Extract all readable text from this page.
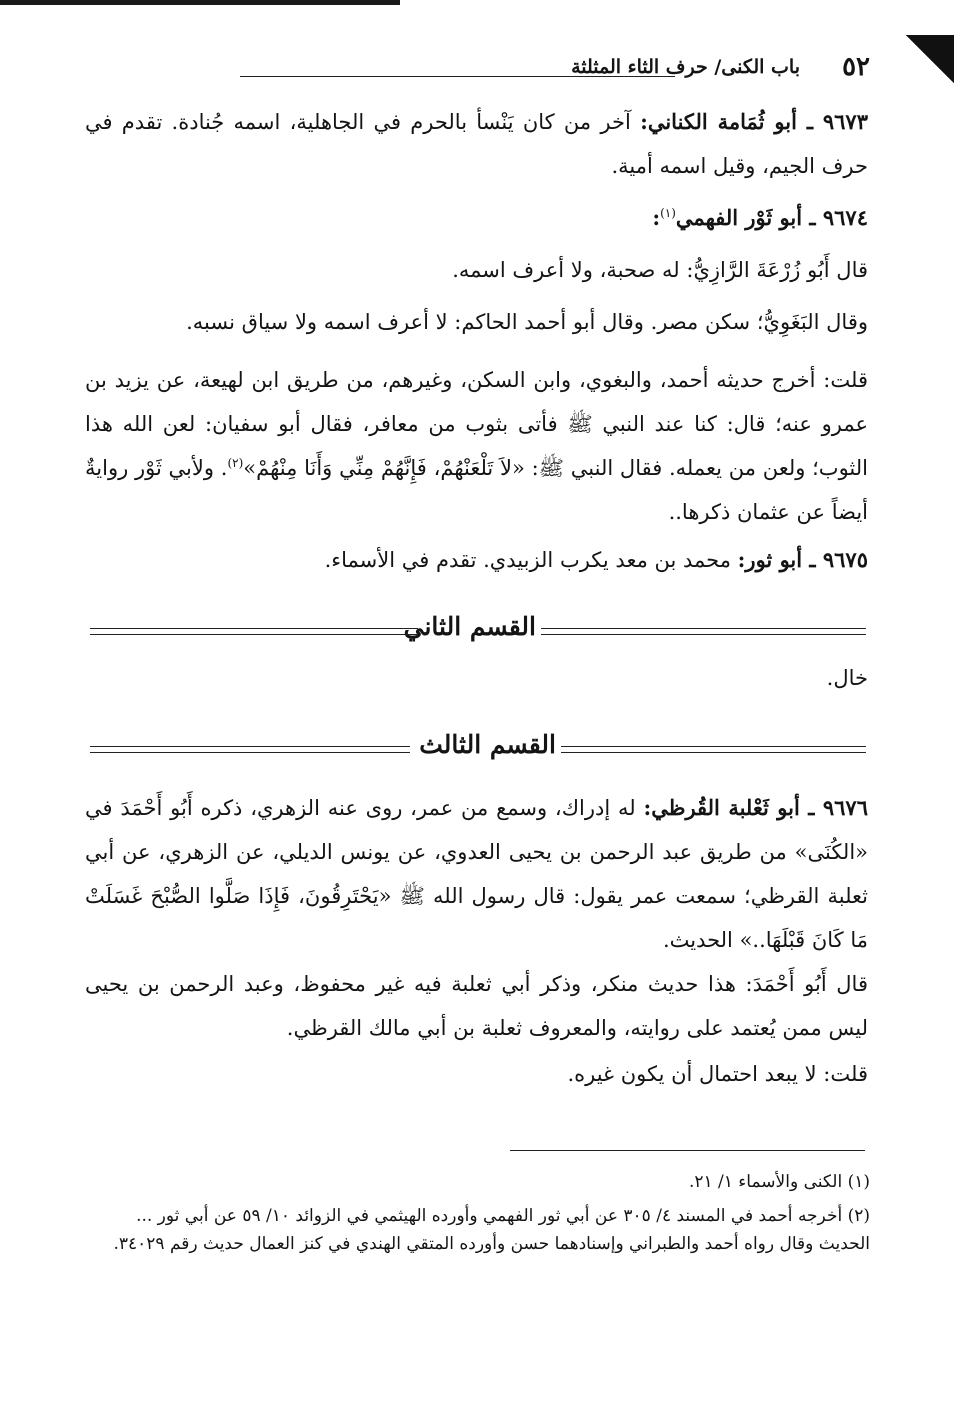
٥٢
باب الكنى/ حرف الثاء المثلثة
٩٦٧٣ ـ أبو ثُمَامة الكناني: آخر من كان يَنْسأ بالحرم في الجاهلية، اسمه جُنادة. تقدم في حرف الجيم، وقيل اسمه أمية.
٩٦٧٤ ـ أبو ثَوْر الفهمي$^{(١)}$:
قال أَبُو زُرْعَةَ الرَّازِيُّ: له صحبة، ولا أعرف اسمه.
وقال البَغَوِيُّ؛ سكن مصر. وقال أبو أحمد الحاكم: لا أعرف اسمه ولا سياق نسبه.
قلت: أخرج حديثه أحمد، والبغوي، وابن السكن، وغيرهم، من طريق ابن لهيعة، عن يزيد بن عمرو عنه؛ قال: كنا عند النبي ﷺ فأتى بثوب من معافر، فقال أبو سفيان: لعن الله هذا الثوب؛ ولعن من يعمله. فقال النبي ﷺ: «لاَ تَلْعَنْهُمْ، فَإِنَّهُمْ مِنِّي وَأَنَا مِنْهُمْ»$^{(٢)}$. ولأبي ثَوْر روايةٌ أيضاً عن عثمان ذكرها..
٩٦٧٥ ـ أبو ثور: محمد بن معد يكرب الزبيدي. تقدم في الأسماء.
القسم الثاني
خال.
القسم الثالث
٩٦٧٦ ـ أبو ثَعْلبة القُرظي: له إدراك، وسمع من عمر، روى عنه الزهري، ذكره أَبُو أَحْمَدَ في «الكُنَى» من طريق عبد الرحمن بن يحيى العدوي، عن يونس الديلي، عن الزهري، عن أبي ثعلبة القرظي؛ سمعت عمر يقول: قال رسول الله ﷺ «يَحْتَرِقُونَ، فَإِذَا صَلَّوا الصُّبْحَ غَسَلَتْ مَا كَانَ قَبْلَهَا..» الحديث.
قال أَبُو أَحْمَدَ: هذا حديث منكر، وذكر أبي ثعلبة فيه غير محفوظ، وعبد الرحمن بن يحيى ليس ممن يُعتمد على روايته، والمعروف ثعلبة بن أبي مالك القرظي.
قلت: لا يبعد احتمال أن يكون غيره.
(١) الكنى والأسماء ١/ ٢١.
(٢) أخرجه أحمد في المسند ٤/ ٣٠٥ عن أبي ثور الفهمي وأورده الهيثمي في الزوائد ١٠/ ٥٩ عن أبي ثور ... الحديث وقال رواه أحمد والطبراني وإسنادهما حسن وأورده المتقي الهندي في كنز العمال حديث رقم ٣٤٠٢٩.
